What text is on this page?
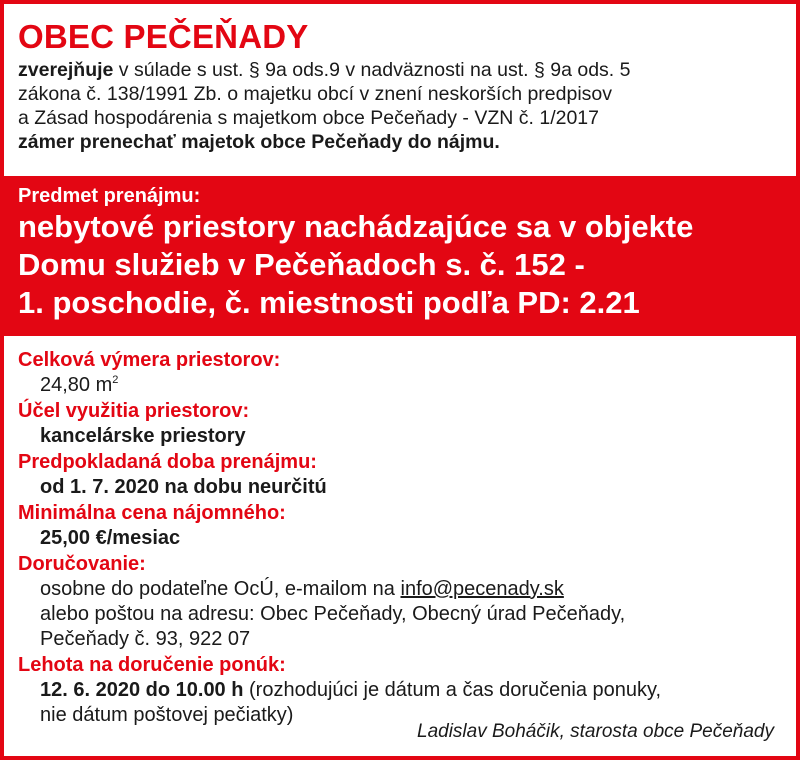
OBEC PEČEŇADY
zverejňuje v súlade s ust. § 9a ods.9 v nadväznosti na ust. § 9a ods. 5
zákona č. 138/1991 Zb. o majetku obcí v znení neskorších predpisov
a Zásad hospodárenia s majetkom obce Pečeňady - VZN č. 1/2017
zámer prenechať majetok obce Pečeňady do nájmu.
Predmet prenájmu:
nebytové priestory nachádzajúce sa v objekte
Domu služieb v Pečeňadoch s. č. 152 -
1. poschodie, č. miestnosti podľa PD: 2.21
Celková výmera priestorov:
24,80 $m^2$
Účel využitia priestorov:
kancelárske priestory
Predpokladaná doba prenájmu:
od 1. 7. 2020 na dobu neurčitú
Minimálna cena nájomného:
25,00 €/mesiac
Doručovanie:
osobne do podateľne OcÚ, e-mailom na info@pecenady.sk
alebo poštou na adresu: Obec Pečeňady, Obecný úrad Pečeňady,
Pečeňady č. 93, 922 07
Lehota na doručenie ponúk:
12. 6. 2020 do 10.00 h (rozhodujúci je dátum a čas doručenia ponuky,
nie dátum poštovej pečiatky)
Ladislav Boháčik, starosta obce Pečeňady
